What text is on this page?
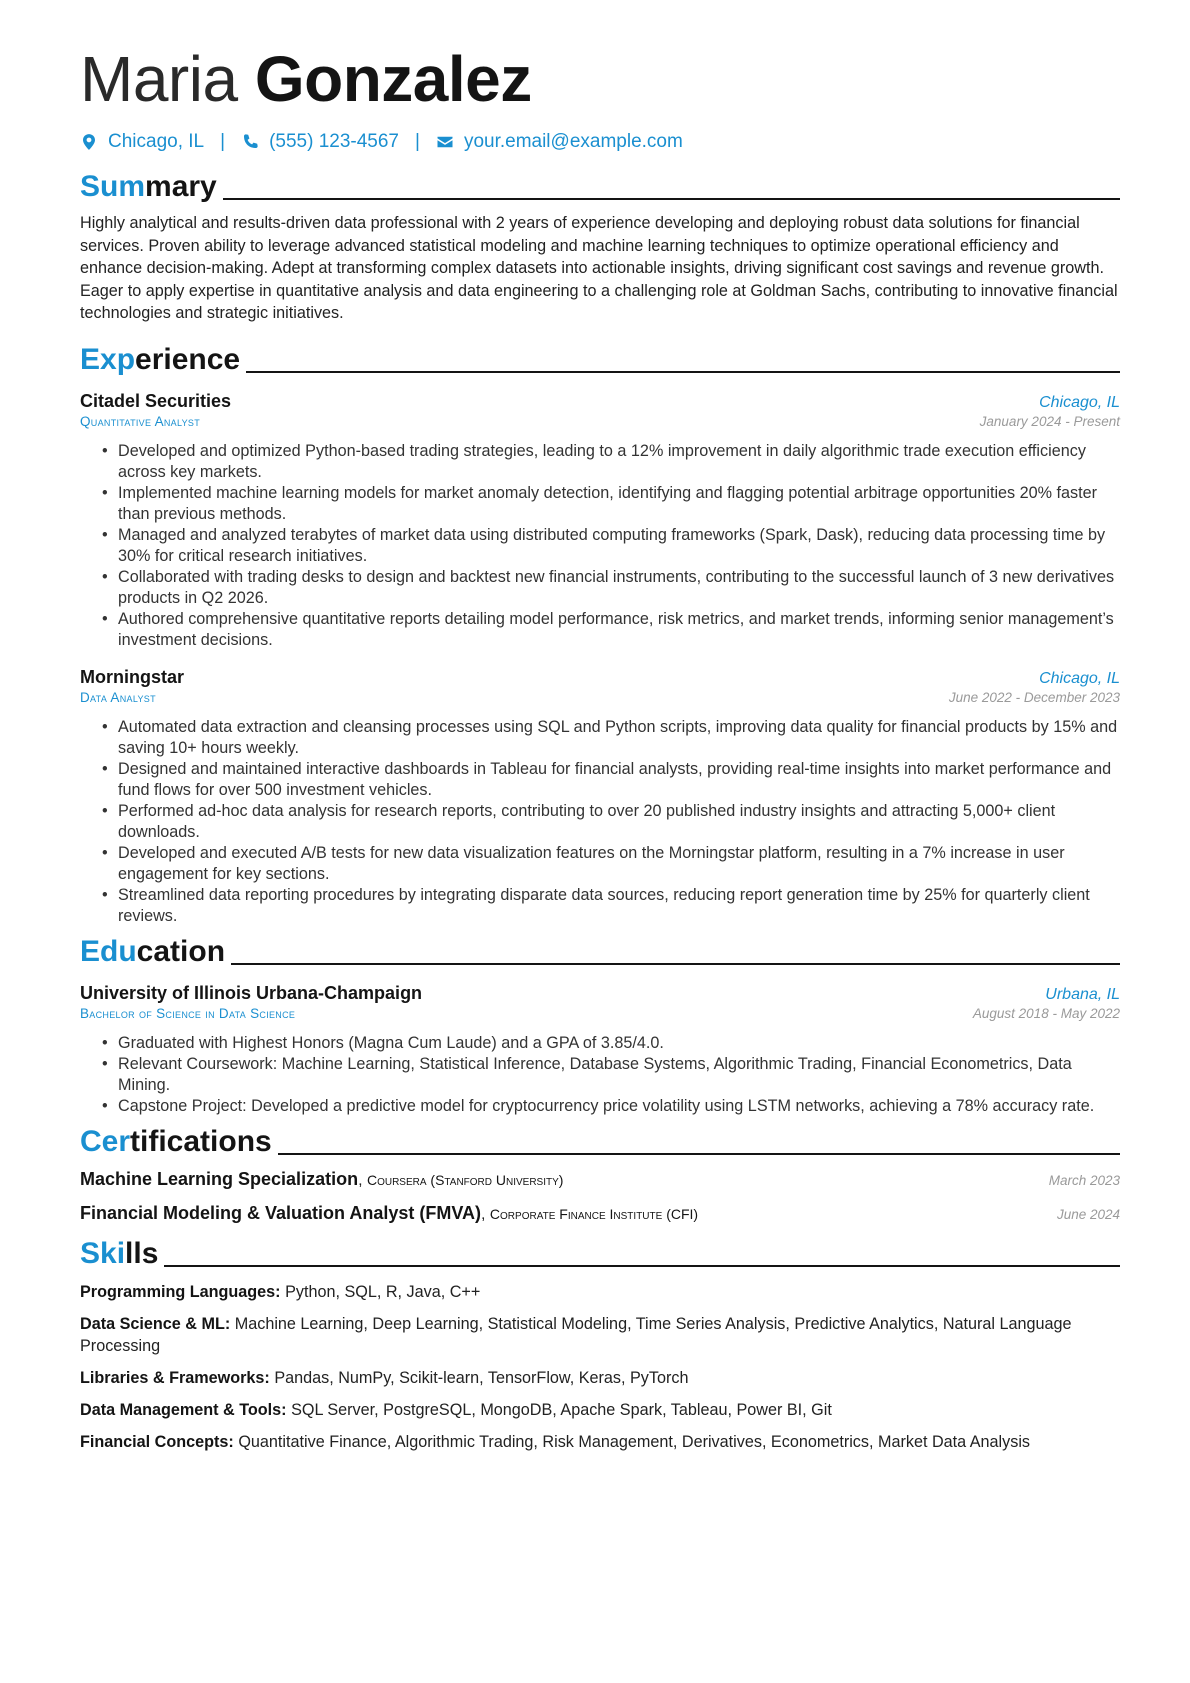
Maria Gonzalez
Chicago, IL | (555) 123-4567 | your.email@example.com
Summary

Highly analytical and results-driven data professional with 2 years of experience developing and deploying robust data solutions for financial services. Proven ability to leverage advanced statistical modeling and machine learning techniques to optimize operational efficiency and enhance decision-making. Adept at transforming complex datasets into actionable insights, driving significant cost savings and revenue growth. Eager to apply expertise in quantitative analysis and data engineering to a challenging role at Goldman Sachs, contributing to innovative financial technologies and strategic initiatives.

Experience
Citadel Securities	Chicago, IL
Quantitative Analyst	January 2024 - Present
• Developed and optimized Python-based trading strategies, leading to a 12% improvement in daily algorithmic trade execution efficiency across key markets.
• Implemented machine learning models for market anomaly detection, identifying and flagging potential arbitrage opportunities 20% faster than previous methods.
• Managed and analyzed terabytes of market data using distributed computing frameworks (Spark, Dask), reducing data processing time by 30% for critical research initiatives.
• Collaborated with trading desks to design and backtest new financial instruments, contributing to the successful launch of 3 new derivatives products in Q2 2026.
• Authored comprehensive quantitative reports detailing model performance, risk metrics, and market trends, informing senior management’s investment decisions.
Morningstar	Chicago, IL
Data Analyst	June 2022 - December 2023
• Automated data extraction and cleansing processes using SQL and Python scripts, improving data quality for financial products by 15% and saving 10+ hours weekly.
• Designed and maintained interactive dashboards in Tableau for financial analysts, providing real-time insights into market performance and fund flows for over 500 investment vehicles.
• Performed ad-hoc data analysis for research reports, contributing to over 20 published industry insights and attracting 5,000+ client downloads.
• Developed and executed A/B tests for new data visualization features on the Morningstar platform, resulting in a 7% increase in user engagement for key sections.
• Streamlined data reporting procedures by integrating disparate data sources, reducing report generation time by 25% for quarterly client reviews.
Education
University of Illinois Urbana-Champaign	Urbana, IL
Bachelor of Science in Data Science	August 2018 - May 2022
• Graduated with Highest Honors (Magna Cum Laude) and a GPA of 3.85/4.0.
• Relevant Coursework: Machine Learning, Statistical Inference, Database Systems, Algorithmic Trading, Financial Econometrics, Data Mining.
• Capstone Project: Developed a predictive model for cryptocurrency price volatility using LSTM networks, achieving a 78% accuracy rate.
Certifications
Machine Learning Specialization, Coursera (Stanford University)	March 2023
Financial Modeling & Valuation Analyst (FMVA), Corporate Finance Institute (CFI)	June 2024
Skills
Programming Languages: Python, SQL, R, Java, C++
Data Science & ML: Machine Learning, Deep Learning, Statistical Modeling, Time Series Analysis, Predictive Analytics, Natural Language Processing
Libraries & Frameworks: Pandas, NumPy, Scikit-learn, TensorFlow, Keras, PyTorch
Data Management & Tools: SQL Server, PostgreSQL, MongoDB, Apache Spark, Tableau, Power BI, Git
Financial Concepts: Quantitative Finance, Algorithmic Trading, Risk Management, Derivatives, Econometrics, Market Data Analysis
